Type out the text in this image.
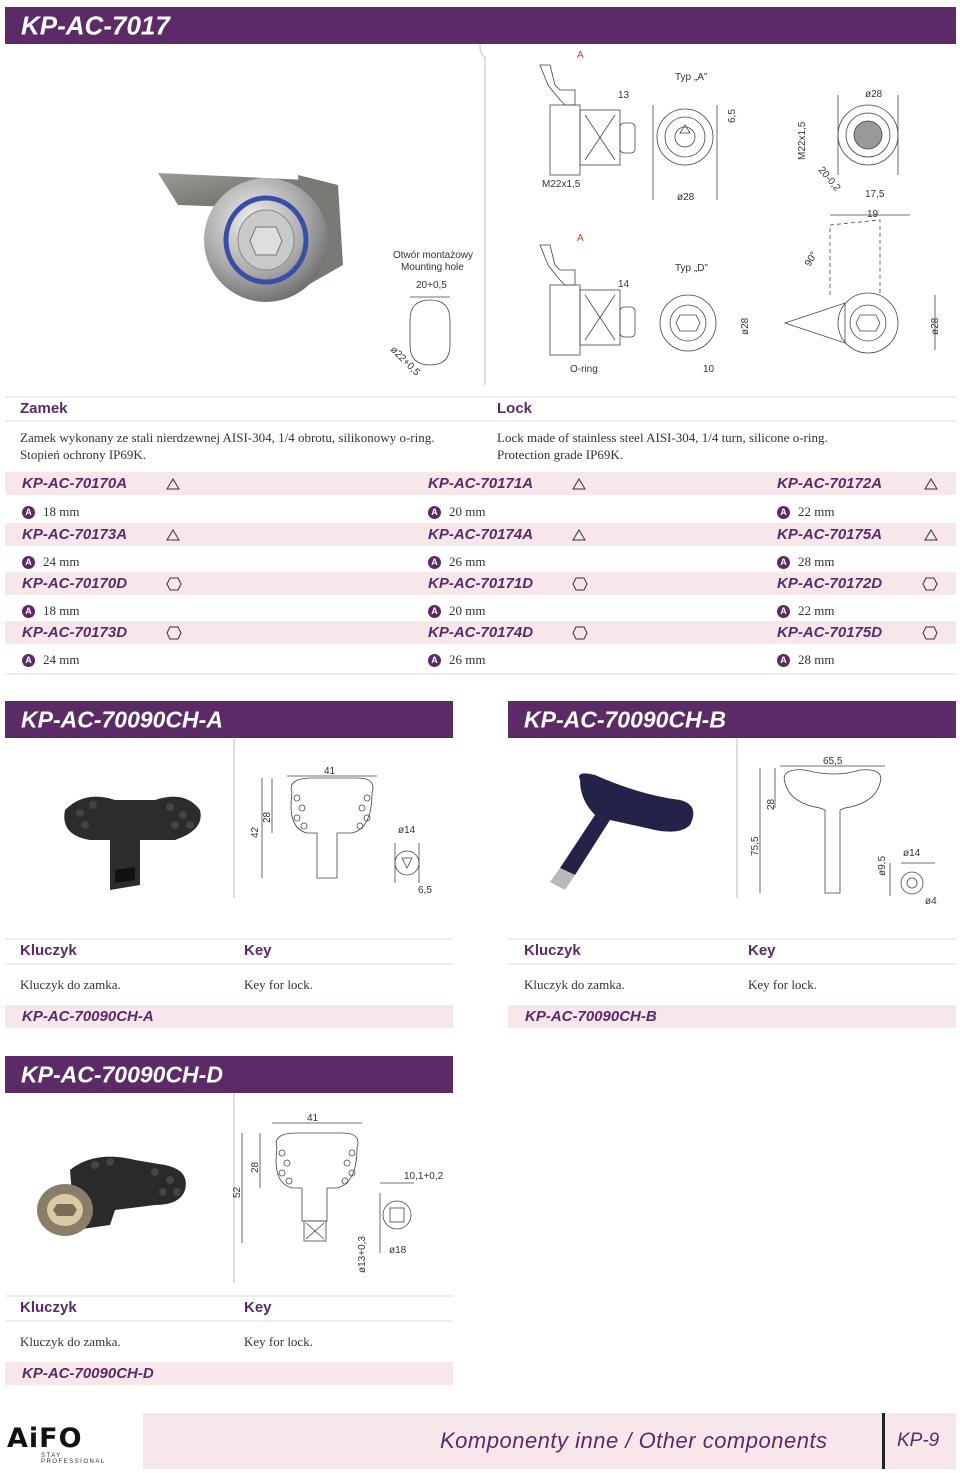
KP-AC-7017
A
Typ „A”
13
6,5
M22x1,5
ø28
ø28
M22x1,5
20-0,2
17,5
19
A
Typ „D”
14
90°
ø28	ø28
O-ring	10
Otwór montażowy
Mounting hole
20+0,5
ø22+0,5
Zamek	Lock
Zamek wykonany ze stali nierdzewnej AISI-304, 1/4 obrotu, silikonowy o-ring.
Stopień ochrony IP69K.
Lock made of stainless steel AISI-304, 1/4 turn, silicone o-ring.
Protection grade IP69K.
KP-AC-70170A	KP-AC-70171A	KP-AC-70172A
A 18 mm	A 20 mm	A 22 mm
KP-AC-70173A	KP-AC-70174A	KP-AC-70175A
A 24 mm	A 26 mm	A 28 mm
KP-AC-70170D	KP-AC-70171D	KP-AC-70172D
A 18 mm	A 20 mm	A 22 mm
KP-AC-70173D	KP-AC-70174D	KP-AC-70175D
A 24 mm	A 26 mm	A 28 mm
KP-AC-70090CH-A
41
42
28
ø14
6,5
Kluczyk	Key
Kluczyk do zamka.	Key for lock.
KP-AC-70090CH-A
KP-AC-70090CH-B
65,5
28
75,5
ø9,5
ø14
ø4
Kluczyk	Key
Kluczyk do zamka.	Key for lock.
KP-AC-70090CH-B
KP-AC-70090CH-D
41
52
28
10,1+0,2
ø13+0,3 ø18
Kluczyk	Key
Kluczyk do zamka.	Key for lock.
KP-AC-70090CH-D
AiFO
STAY PROFESSIONAL
Komponenty inne / Other components	KP-9
